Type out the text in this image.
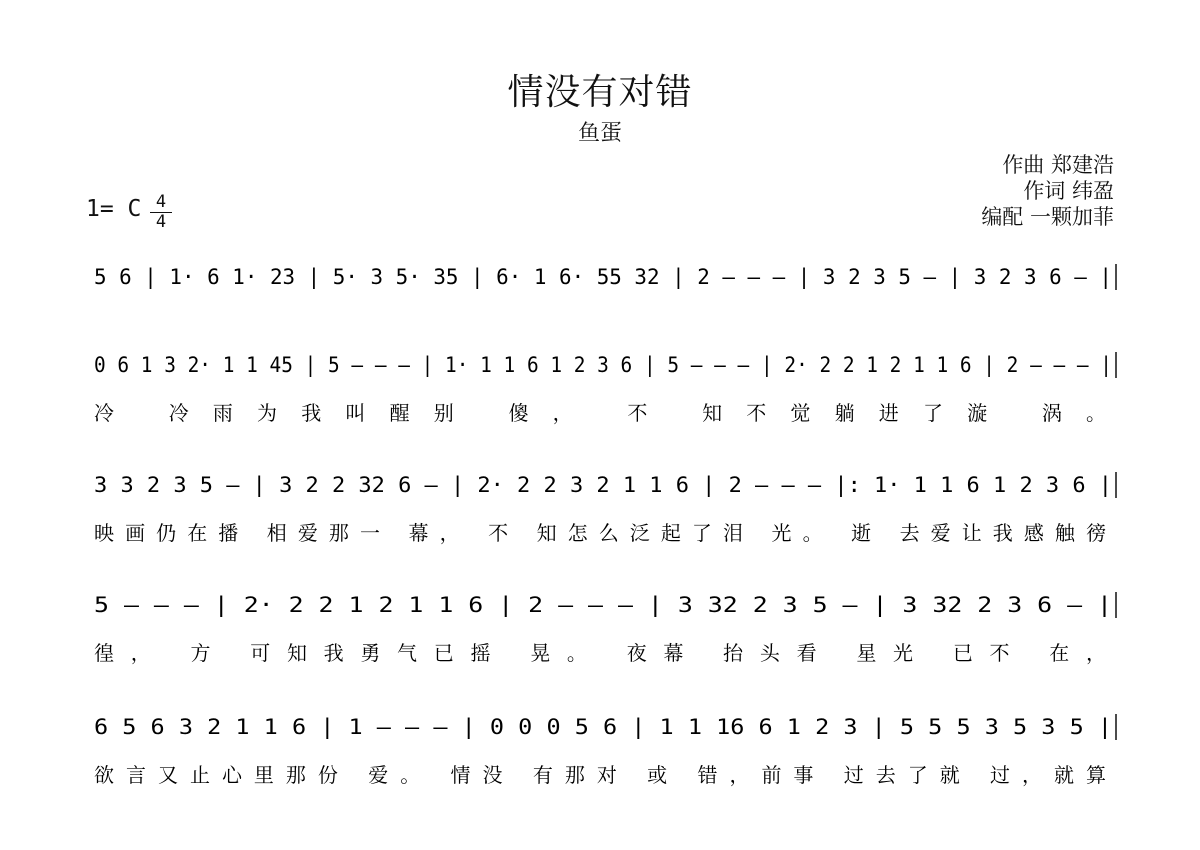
情没有对错
鱼蛋
作曲 郑建浩
作词 纬盈
编配 一颗加菲
1= C 4
4
5 6 | 1· 6 1· 23 | 5· 3 5· 35 | 6· 1 6· 55 32 | 2 — — — | 3 2 3 5 — | 3 2 3 6 — |
0 6 1 3 2· 1 1 45 | 5 — — — | 1· 1 1 6 1 2 3 6 | 5 — — — | 2· 2 2 1 2 1 1 6 | 2 — — — |
冷 冷雨为我叫醒别 傻， 不 知不觉躺进了漩 涡。
3 3 2 3 5 — | 3 2 2 32 6 — | 2· 2 2 3 2 1 1 6 | 2 — — — |: 1· 1 1 6 1 2 3 6 |
映画仍在播 相爱那一 幕， 不 知怎么泛起了泪 光。 逝 去爱让我感触徬
5 — — — | 2· 2 2 1 2 1 1 6 | 2 — — — | 3 32 2 3 5 — | 3 32 2 3 6 — |
徨， 方 可知我勇气已摇 晃。 夜幕 抬头看 星光 已不 在，
6 5 6 3 2 1 1 6 | 1 — — — | 0 0 0 5 6 | 1 1 16 6 1 2 3 | 5 5 5 3 5 3 5 |
欲言又止心里那份 爱。 情没 有那对 或 错，前事 过去了就 过，就算
